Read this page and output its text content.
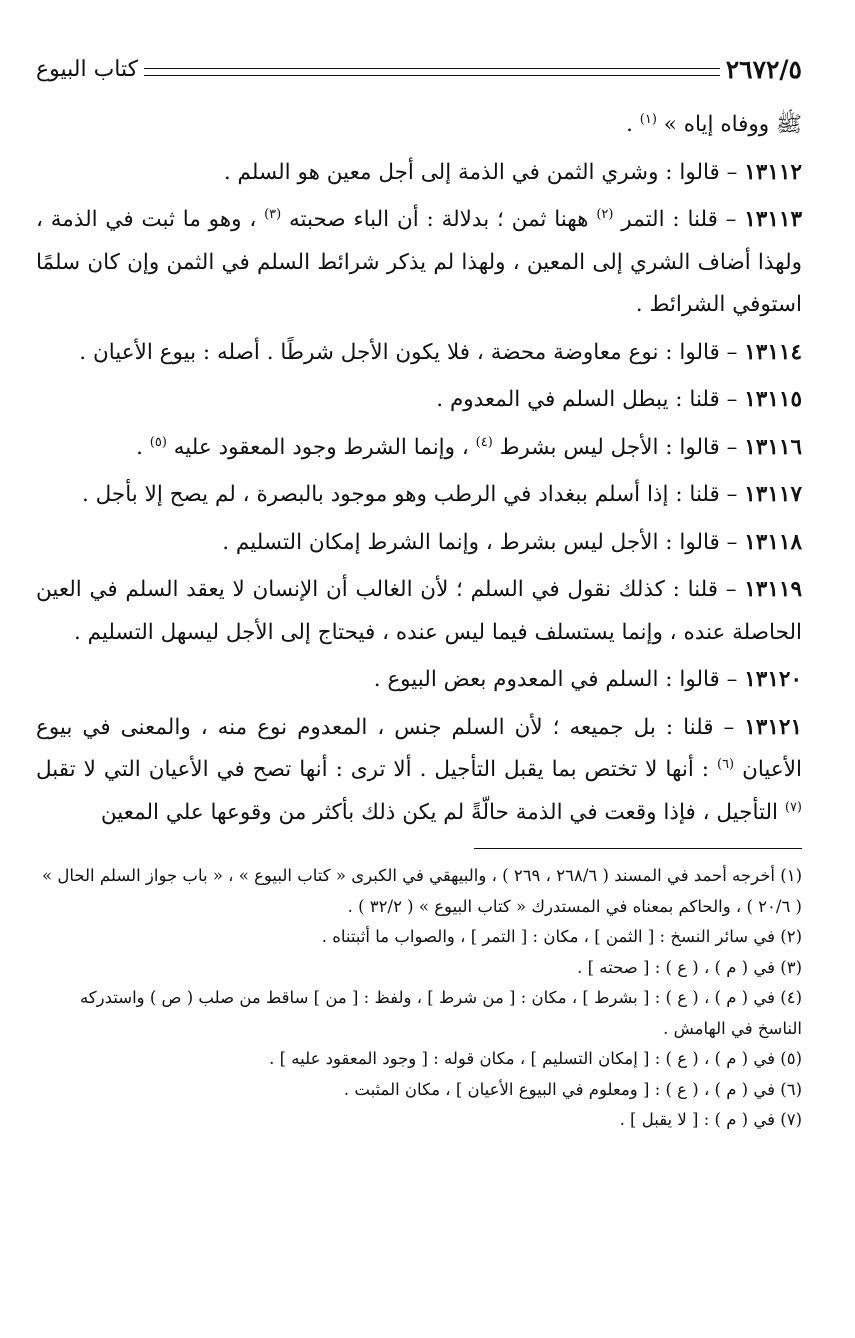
٢٦٧٢/٥
كتاب البيوع

ﷺ ووفاه إياه » $^{(١)}$ .

١٣١١٢ – قالوا : وشري الثمن في الذمة إلى أجل معين هو السلم .

١٣١١٣ – قلنا : التمر $^{(٢)}$ ههنا ثمن ؛ بدلالة : أن الباء صحبته $^{(٣)}$ ، وهو ما ثبت في الذمة ، ولهذا أضاف الشري إلى المعين ، ولهذا لم يذكر شرائط السلم في الثمن وإن كان سلمًا استوفي الشرائط .

١٣١١٤ – قالوا : نوع معاوضة محضة ، فلا يكون الأجل شرطًا . أصله : بيوع الأعيان .

١٣١١٥ – قلنا : يبطل السلم في المعدوم .

١٣١١٦ – قالوا : الأجل ليس بشرط $^{(٤)}$ ، وإنما الشرط وجود المعقود عليه $^{(٥)}$ .

١٣١١٧ – قلنا : إذا أسلم ببغداد في الرطب وهو موجود بالبصرة ، لم يصح إلا بأجل .

١٣١١٨ – قالوا : الأجل ليس بشرط ، وإنما الشرط إمكان التسليم .

١٣١١٩ – قلنا : كذلك نقول في السلم ؛ لأن الغالب أن الإنسان لا يعقد السلم في العين الحاصلة عنده ، وإنما يستسلف فيما ليس عنده ، فيحتاج إلى الأجل ليسهل التسليم .

١٣١٢٠ – قالوا : السلم في المعدوم بعض البيوع .

١٣١٢١ – قلنا : بل جميعه ؛ لأن السلم جنس ، المعدوم نوع منه ، والمعنى في بيوع الأعيان $^{(٦)}$ : أنها لا تختص بما يقبل التأجيل . ألا ترى : أنها تصح في الأعيان التي لا تقبل $^{(٧)}$ التأجيل ، فإذا وقعت في الذمة حالّةً لم يكن ذلك بأكثر من وقوعها علي المعين

(١) أخرجه أحمد في المسند ( ٢٦٨/٦ ، ٢٦٩ ) ، والبيهقي في الكبرى « كتاب البيوع » ، « باب جواز السلم الحال » ( ٢٠/٦ ) ، والحاكم بمعناه في المستدرك « كتاب البيوع » ( ٣٢/٢ ) .

(٢) في سائر النسخ : [ الثمن ] ، مكان : [ التمر ] ، والصواب ما أثبتناه .

(٣) في ( م ) ، ( ع ) : [ صحته ] .

(٤) في ( م ) ، ( ع ) : [ بشرط ] ، مكان : [ من شرط ] ، ولفظ : [ من ] ساقط من صلب ( ص ) واستدركه الناسخ في الهامش .

(٥) في ( م ) ، ( ع ) : [ إمكان التسليم ] ، مكان قوله : [ وجود المعقود عليه ] .

(٦) في ( م ) ، ( ع ) : [ ومعلوم في البيوع الأعيان ] ، مكان المثبت .

(٧) في ( م ) : [ لا يقبل ] .
